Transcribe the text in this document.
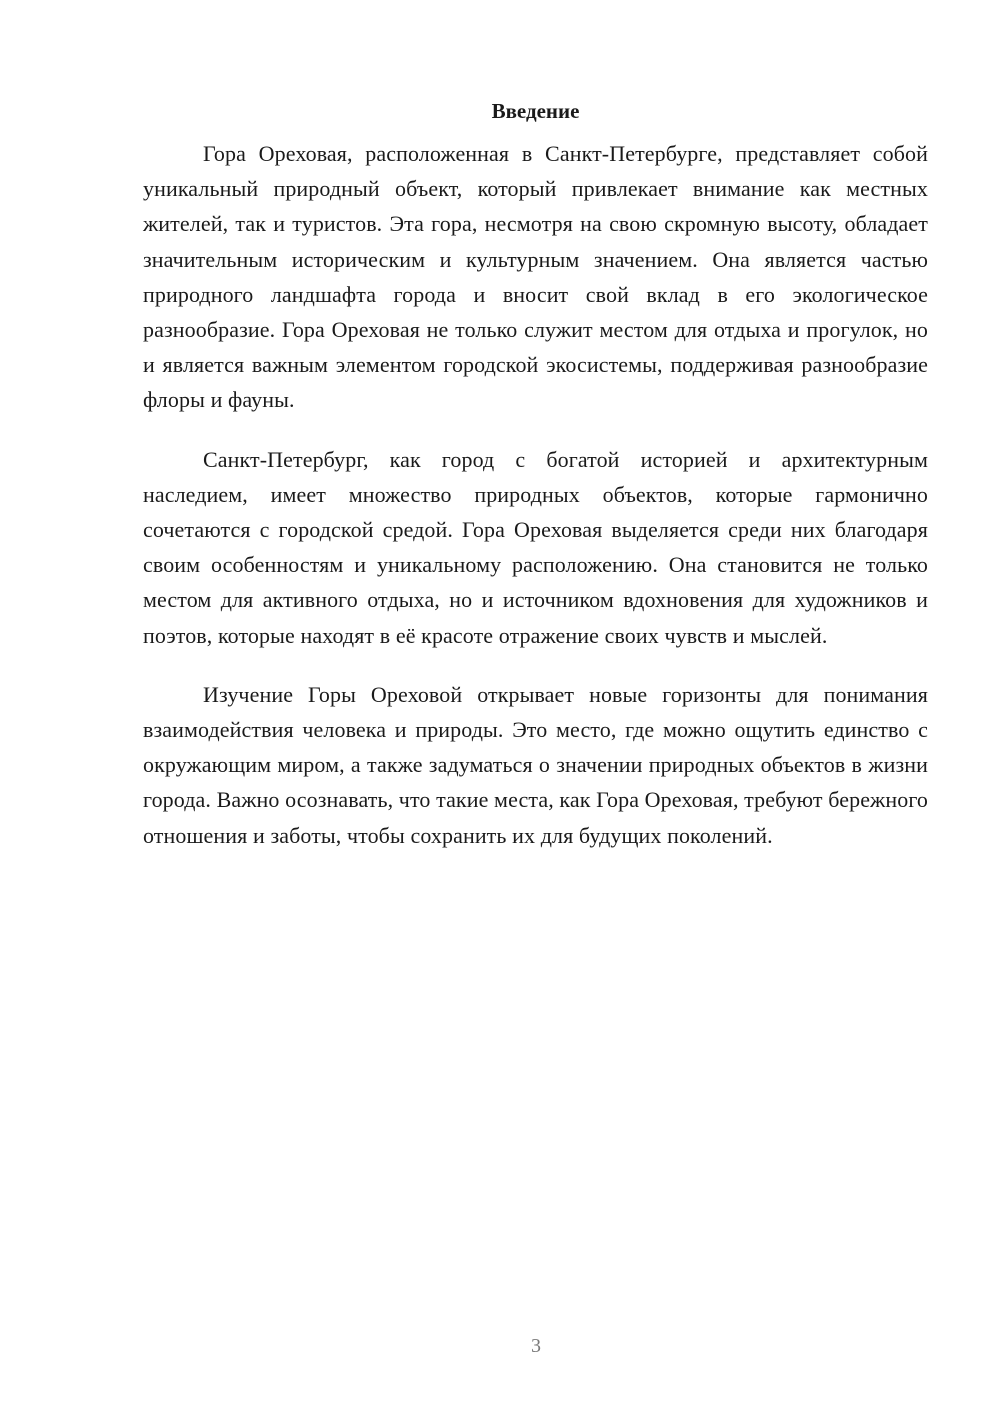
Введение

Гора Ореховая, расположенная в Санкт-Петербурге, представляет собой уникальный природный объект, который привлекает внимание как местных жителей, так и туристов. Эта гора, несмотря на свою скромную высоту, обладает значительным историческим и культурным значением. Она является частью природного ландшафта города и вносит свой вклад в его экологическое разнообразие. Гора Ореховая не только служит местом для отдыха и прогулок, но и является важным элементом городской экосистемы, поддерживая разнообразие флоры и фауны.

Санкт-Петербург, как город с богатой историей и архитектурным наследием, имеет множество природных объектов, которые гармонично сочетаются с городской средой. Гора Ореховая выделяется среди них благодаря своим особенностям и уникальному расположению. Она становится не только местом для активного отдыха, но и источником вдохновения для художников и поэтов, которые находят в её красоте отражение своих чувств и мыслей.

Изучение Горы Ореховой открывает новые горизонты для понимания взаимодействия человека и природы. Это место, где можно ощутить единство с окружающим миром, а также задуматься о значении природных объектов в жизни города. Важно осознавать, что такие места, как Гора Ореховая, требуют бережного отношения и заботы, чтобы сохранить их для будущих поколений.

3
